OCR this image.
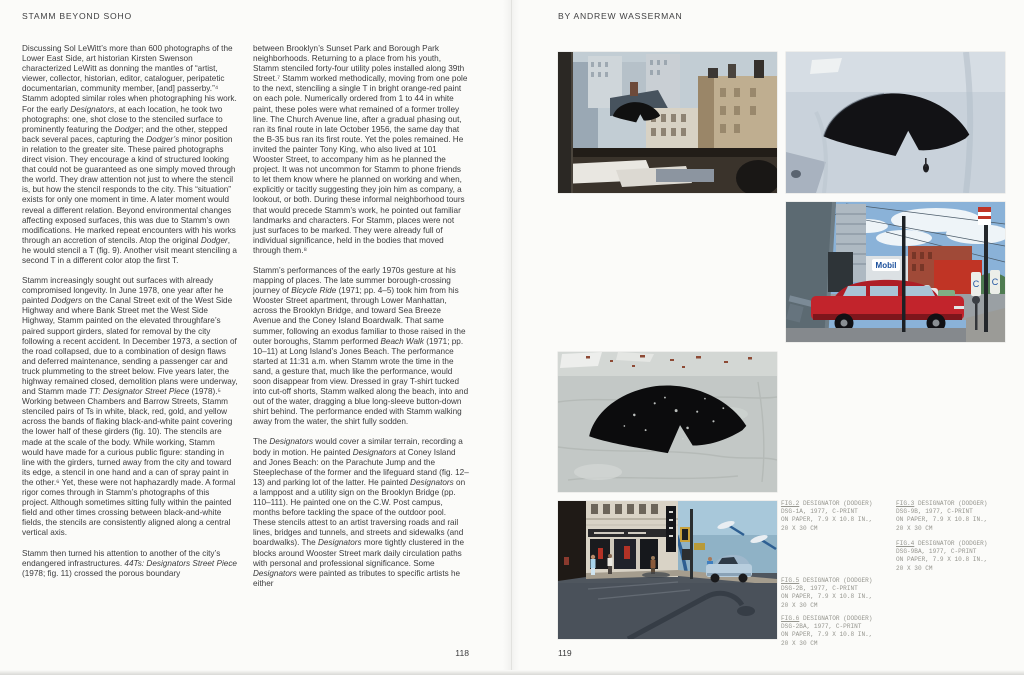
STAMM BEYOND SOHO

Discussing Sol LeWitt’s more than 600 photographs of the Lower East Side, art historian Kirsten Swenson characterized LeWitt as donning the mantles of “artist, viewer, collector, historian, editor, cataloguer, peripatetic documentarian, community member, [and] passerby.”⁴ Stamm adopted similar roles when photographing his work. For the early Designators, at each location, he took two photographs: one, shot close to the stenciled surface to prominently featuring the Dodger; and the other, stepped back several paces, capturing the Dodger’s minor position in relation to the greater site. These paired photographs direct vision. They encourage a kind of structured looking that could not be guaranteed as one simply moved through the world. They draw attention not just to where the stencil is, but how the stencil responds to the city. This “situation” exists for only one moment in time. A later moment would reveal a different relation. Beyond environmental changes affecting exposed surfaces, this was due to Stamm’s own modifications. He marked repeat encounters with his works through an accretion of stencils. Atop the original Dodger, he would stencil a T (fig. 9). Another visit meant stenciling a second T in a different color atop the first T.

Stamm increasingly sought out surfaces with already compromised longevity. In June 1978, one year after he painted Dodgers on the Canal Street exit of the West Side Highway and where Bank Street met the West Side Highway, Stamm painted on the elevated throughfare’s paired support girders, slated for removal by the city following a recent accident. In December 1973, a section of the road collapsed, due to a combination of design flaws and deferred maintenance, sending a passenger car and truck plummeting to the street below. Five years later, the highway remained closed, demolition plans were underway, and Stamm made TT: Designator Street Piece (1978).⁵ Working between Chambers and Barrow Streets, Stamm stenciled pairs of Ts in white, black, red, gold, and yellow across the bands of flaking black-and-white paint covering the lower half of these girders (fig. 10). The stencils are made at the scale of the body. While working, Stamm would have made for a curious public figure: standing in line with the girders, turned away from the city and toward its edge, a stencil in one hand and a can of spray paint in the other.⁶ Yet, these were not haphazardly made. A formal rigor comes through in Stamm’s photographs of this project. Although sometimes sitting fully within the painted field and other times crossing between black-and-white fields, the stencils are consistently aligned along a central vertical axis.

Stamm then turned his attention to another of the city’s endangered infrastructures. 44Ts: Designators Street Piece (1978; fig. 11) crossed the porous boundary

between Brooklyn’s Sunset Park and Borough Park neighborhoods. Returning to a place from his youth, Stamm stenciled forty-four utility poles installed along 39th Street.⁷ Stamm worked methodically, moving from one pole to the next, stenciling a single T in bright orange-red paint on each pole. Numerically ordered from 1 to 44 in white paint, these poles were what remained of a former trolley line. The Church Avenue line, after a gradual phasing out, ran its final route in late October 1956, the same day that the B-35 bus ran its first route. Yet the poles remained. He invited the painter Tony King, who also lived at 101 Wooster Street, to accompany him as he planned the project. It was not uncommon for Stamm to phone friends to let them know where he planned on working and when, explicitly or tacitly suggesting they join him as company, a lookout, or both. During these informal neighborhood tours that would precede Stamm’s work, he pointed out familiar landmarks and characters. For Stamm, places were not just surfaces to be marked. They were already full of individual significance, held in the bodies that moved through them.⁸

Stamm’s performances of the early 1970s gesture at his mapping of places. The late summer borough-crossing journey of Bicycle Ride (1971; pp. 4–5) took him from his Wooster Street apartment, through Lower Manhattan, across the Brooklyn Bridge, and toward Sea Breeze Avenue and the Coney Island Boardwalk. That same summer, following an exodus familiar to those raised in the outer boroughs, Stamm performed Beach Walk (1971; pp. 10–11) at Long Island’s Jones Beach. The performance started at 11:31 a.m. when Stamm wrote the time in the sand, a gesture that, much like the performance, would soon disappear from view. Dressed in gray T-shirt tucked into cut-off shorts, Stamm walked along the beach, into and out of the water, dragging a blue long-sleeve button-down shirt behind. The performance ended with Stamm walking away from the water, the shirt fully sodden.

The Designators would cover a similar terrain, recording a body in motion. He painted Designators at Coney Island and Jones Beach: on the Parachute Jump and the Steeplechase of the former and the lifeguard stand (fig. 12–13) and parking lot of the latter. He painted Designators on a lamppost and a utility sign on the Brooklyn Bridge (pp. 110–111). He painted one on the C.W. Post campus, months before tackling the space of the outdoor pool. These stencils attest to an artist traversing roads and rail lines, bridges and tunnels, and streets and sidewalks (and boardwalks). The Designators more tightly clustered in the blocks around Wooster Street mark daily circulation paths with personal and professional significance. Some Designators were painted as tributes to specific artists he either

118
BY ANDREW WASSERMAN
Mobil
C C
FIG.2 DESIGNATOR (DODGER)
DSG-1A, 1977, C-PRINT
ON PAPER, 7.9 X 10.8 IN.,
20 X 30 CM
FIG.3 DESIGNATOR (DODGER)
DSG-9B, 1977, C-PRINT
ON PAPER, 7.9 X 10.8 IN.,
20 X 30 CM
FIG.4 DESIGNATOR (DODGER)
DSG-9BA, 1977, C-PRINT
ON PAPER, 7.9 X 10.8 IN.,
20 X 30 CM
FIG.5 DESIGNATOR (DODGER)
DSG-2B, 1977, C-PRINT
ON PAPER, 7.9 X 10.8 IN.,
20 X 30 CM
FIG.6 DESIGNATOR (DODGER)
DSG-2BA, 1977, C-PRINT
ON PAPER, 7.9 X 10.8 IN.,
20 X 30 CM
119
